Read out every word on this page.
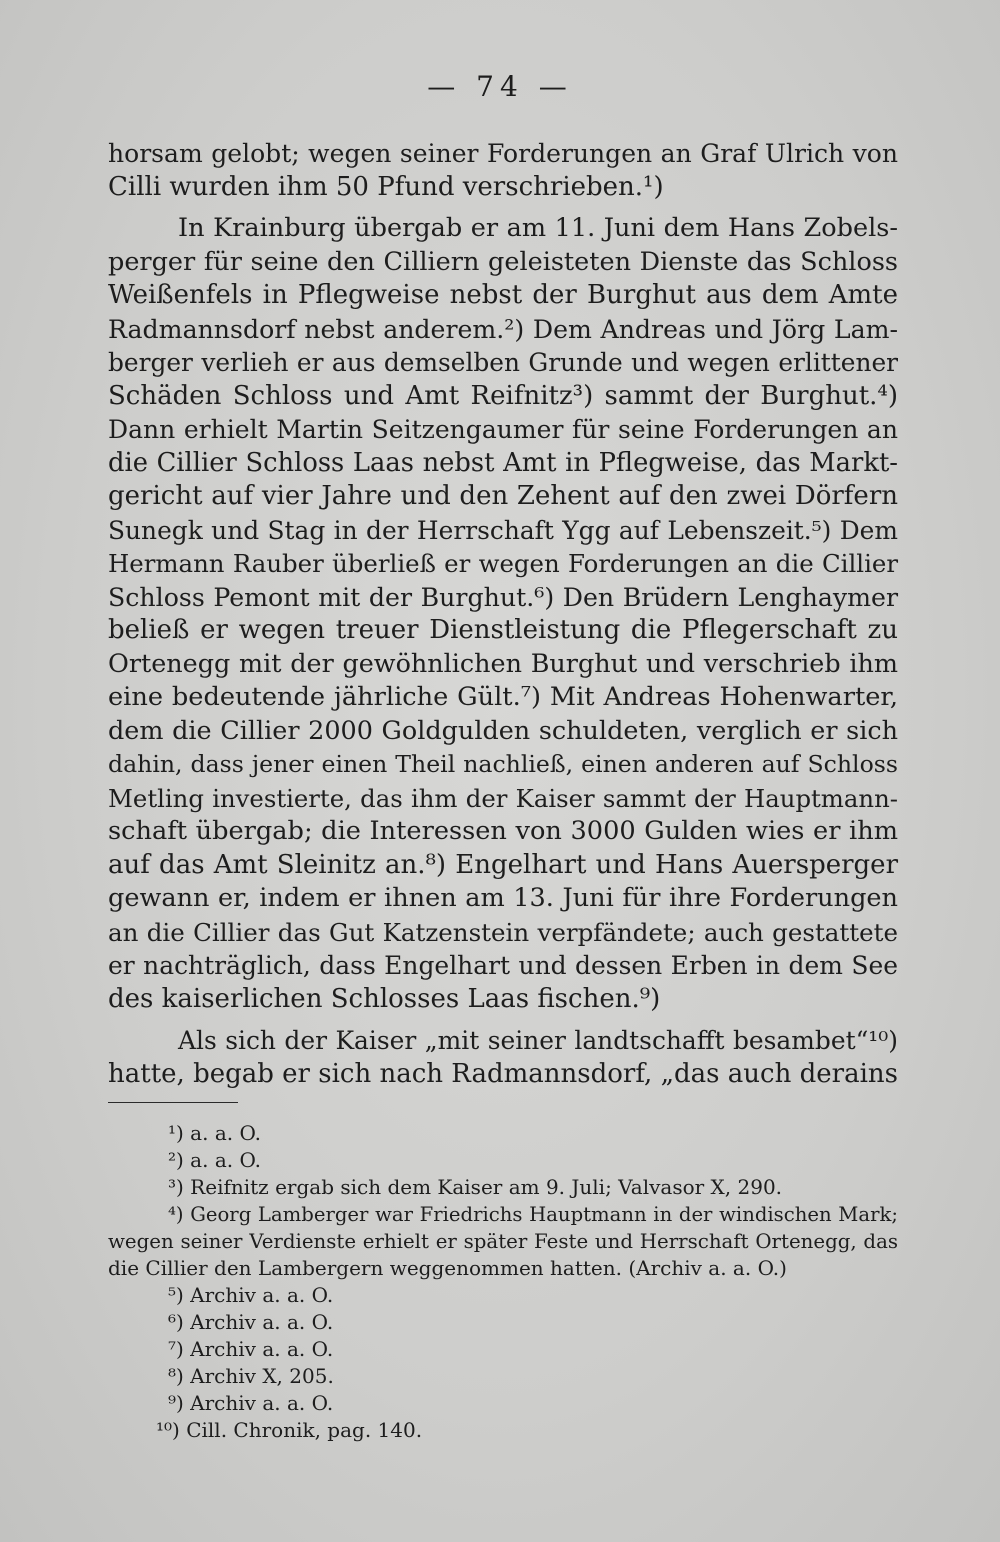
— 74 —
horsam gelobt; wegen seiner Forderungen an Graf Ulrich von
Cilli wurden ihm 50 Pfund verschrieben.¹)
In Krainburg übergab er am 11. Juni dem Hans Zobels-
perger für seine den Cilliern geleisteten Dienste das Schloss
Weißenfels in Pflegweise nebst der Burghut aus dem Amte
Radmannsdorf nebst anderem.²) Dem Andreas und Jörg Lam-
berger verlieh er aus demselben Grunde und wegen erlittener
Schäden Schloss und Amt Reifnitz³) sammt der Burghut.⁴)
Dann erhielt Martin Seitzengaumer für seine Forderungen an
die Cillier Schloss Laas nebst Amt in Pflegweise, das Markt-
gericht auf vier Jahre und den Zehent auf den zwei Dörfern
Sunegk und Stag in der Herrschaft Ygg auf Lebenszeit.⁵) Dem
Hermann Rauber überließ er wegen Forderungen an die Cillier
Schloss Pemont mit der Burghut.⁶) Den Brüdern Lenghaymer
beließ er wegen treuer Dienstleistung die Pflegerschaft zu
Ortenegg mit der gewöhnlichen Burghut und verschrieb ihm
eine bedeutende jährliche Gült.⁷) Mit Andreas Hohenwarter,
dem die Cillier 2000 Goldgulden schuldeten, verglich er sich
dahin, dass jener einen Theil nachließ, einen anderen auf Schloss
Metling investierte, das ihm der Kaiser sammt der Hauptmann-
schaft übergab; die Interessen von 3000 Gulden wies er ihm
auf das Amt Sleinitz an.⁸) Engelhart und Hans Auersperger
gewann er, indem er ihnen am 13. Juni für ihre Forderungen
an die Cillier das Gut Katzenstein verpfändete; auch gestattete
er nachträglich, dass Engelhart und dessen Erben in dem See
des kaiserlichen Schlosses Laas fischen.⁹)
Als sich der Kaiser „mit seiner landtschafft besambet“¹⁰)
hatte, begab er sich nach Radmannsdorf, „das auch derains
¹) a. a. O.
²) a. a. O.
³) Reifnitz ergab sich dem Kaiser am 9. Juli; Valvasor X, 290.
⁴) Georg Lamberger war Friedrichs Hauptmann in der windischen Mark;
wegen seiner Verdienste erhielt er später Feste und Herrschaft Ortenegg, das
die Cillier den Lambergern weggenommen hatten. (Archiv a. a. O.)
⁵) Archiv a. a. O.
⁶) Archiv a. a. O.
⁷) Archiv a. a. O.
⁸) Archiv X, 205.
⁹) Archiv a. a. O.
¹⁰) Cill. Chronik, pag. 140.
